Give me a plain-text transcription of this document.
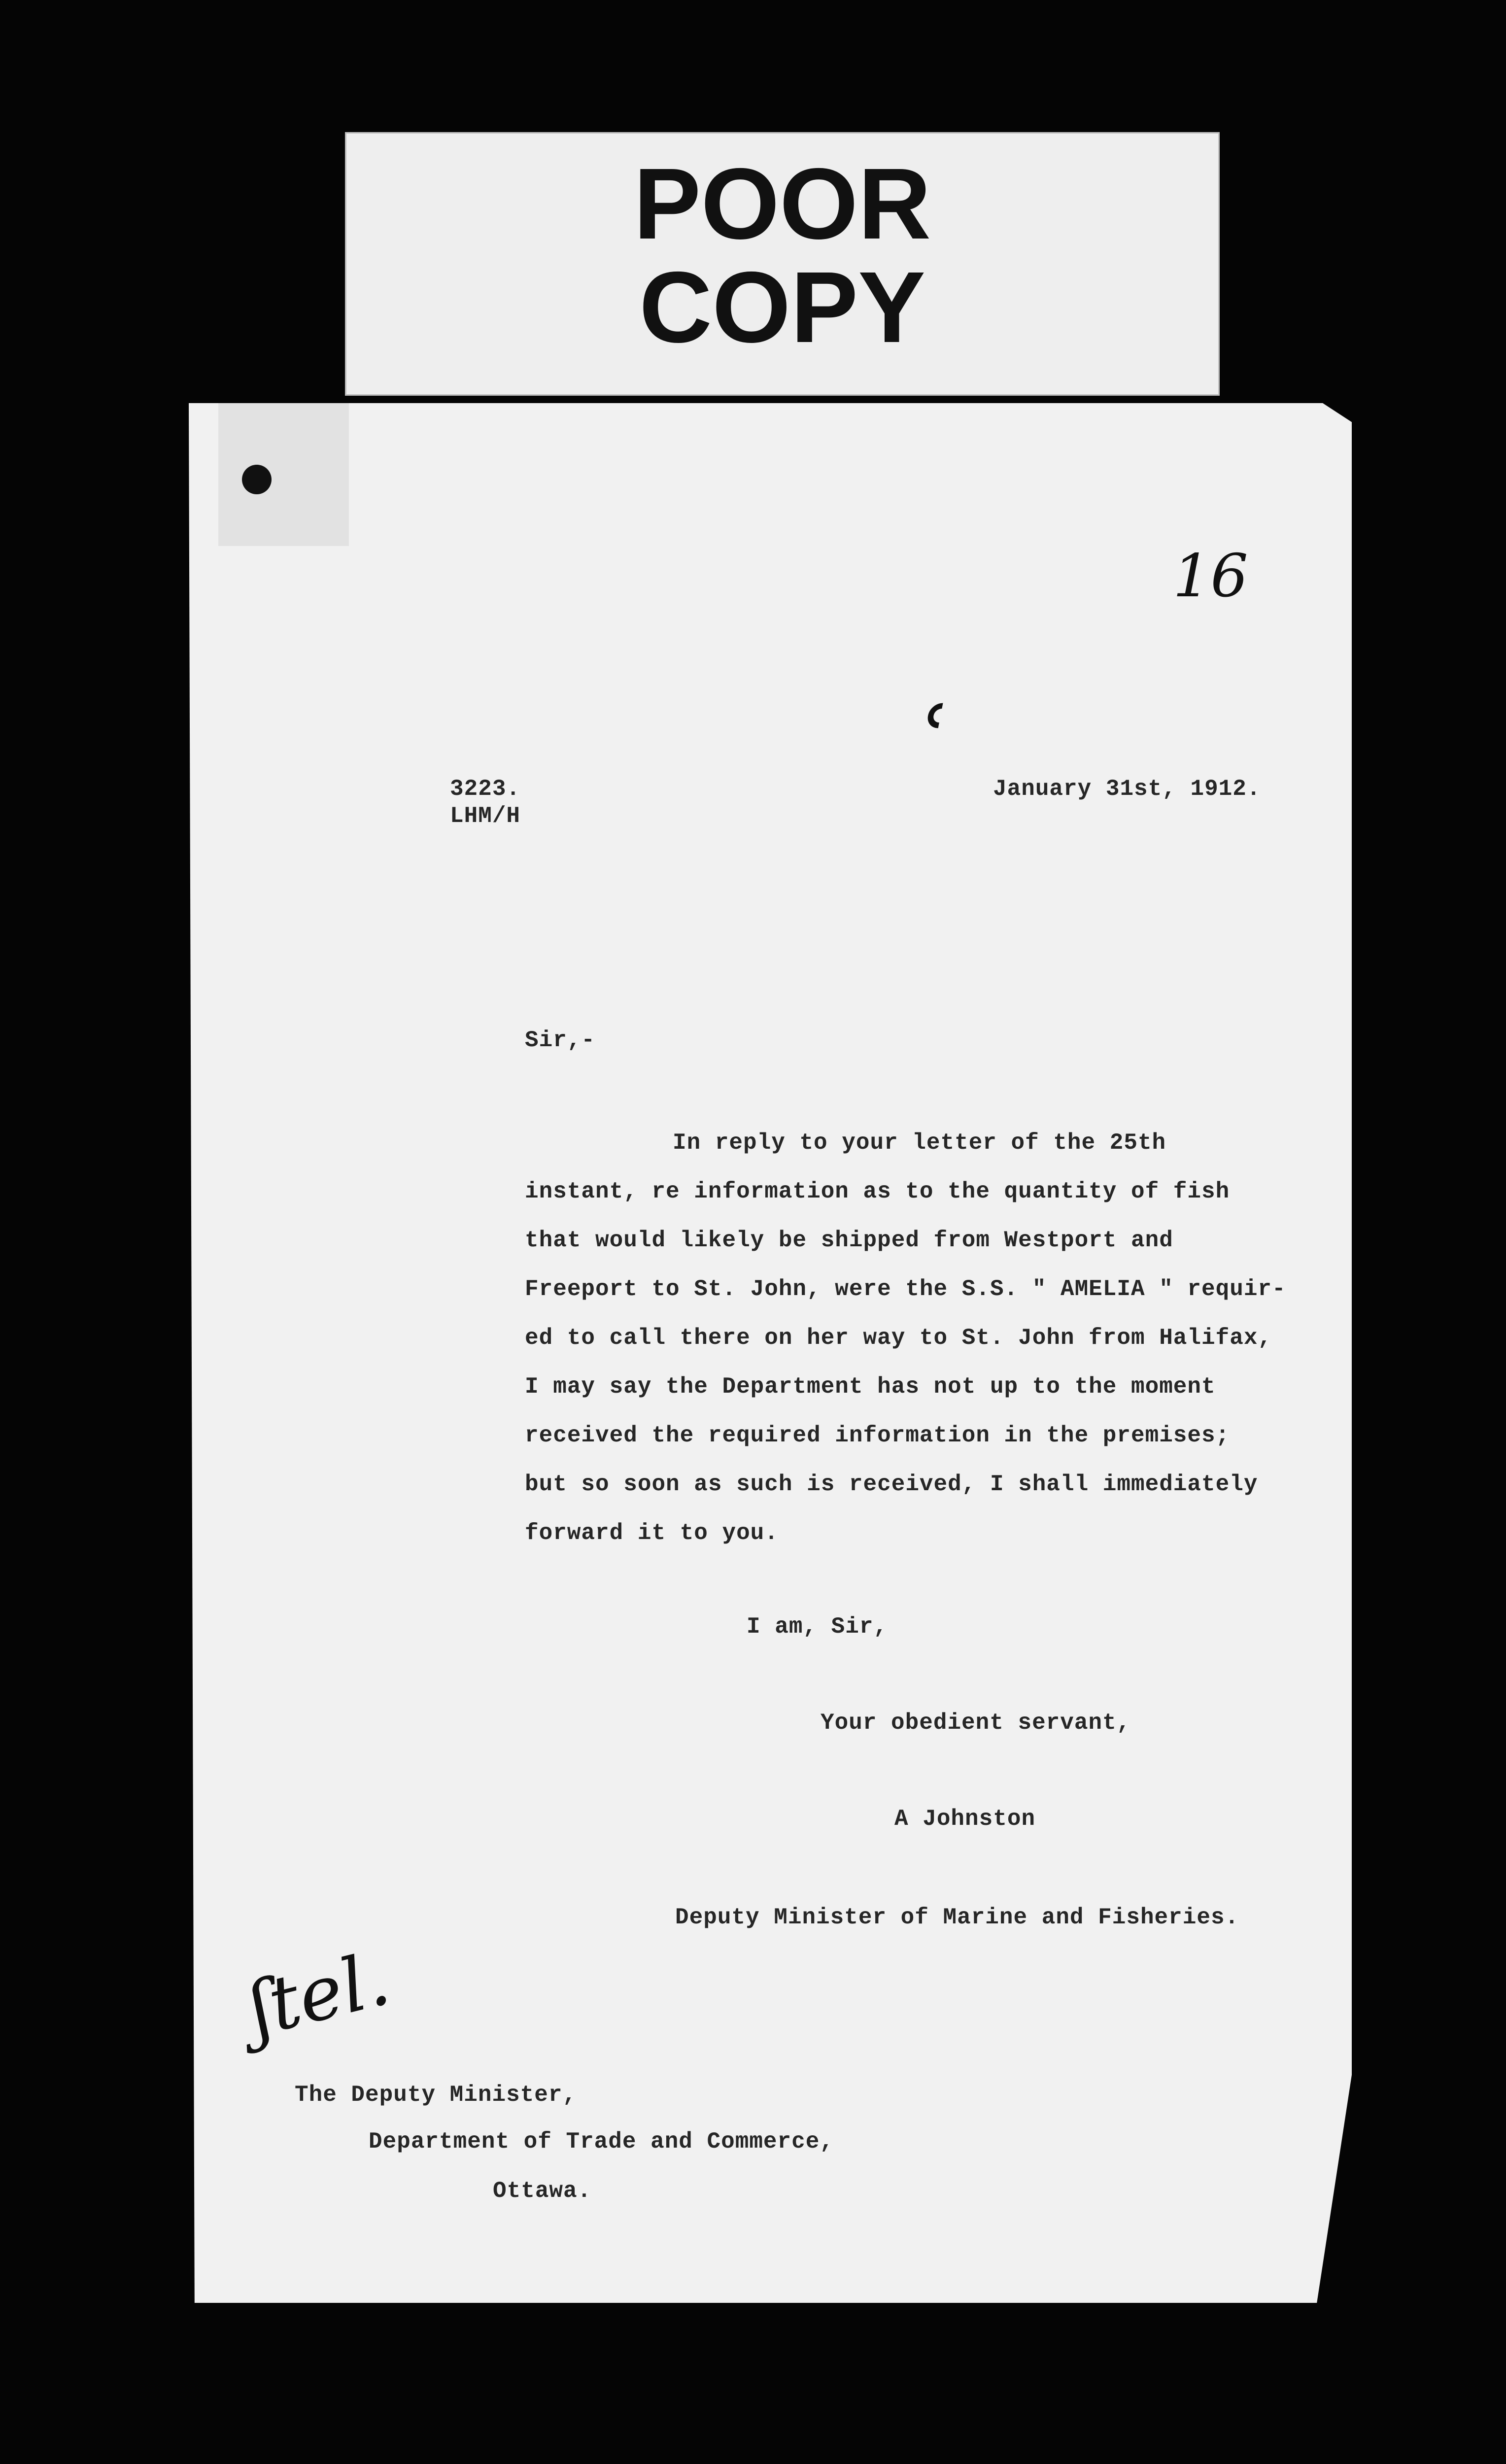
POOR
COPY
16
ʿ
3223.
LHM/H
January 31st, 1912.
Sir,-
In reply to your letter of the 25th
instant, re information as to the quantity of fish
that would likely be shipped from Westport and
Freeport to St. John, were the S.S. " AMELIA " requir-
ed to call there on her way to St. John from Halifax,
I may say the Department has not up to the moment
received the required information in the premises;
but so soon as such is received, I shall immediately
forward it to you.
I am, Sir,
Your obedient servant,
A Johnston
Deputy Minister of Marine and Fisheries.
ʃtel.
The Deputy Minister,
Department of Trade and Commerce,
Ottawa.
